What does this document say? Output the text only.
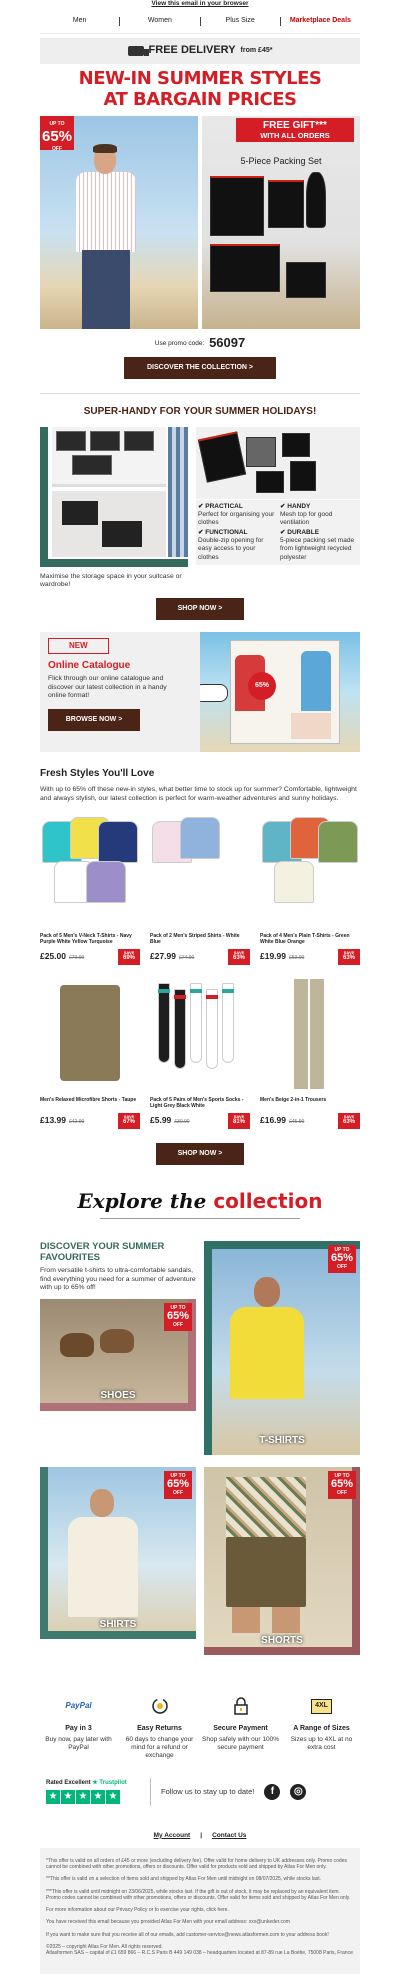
View this email in your browser
Men	Women	Plus Size	Marketplace Deals
FREE DELIVERY from £45*
NEW-IN SUMMER STYLES
AT BARGAIN PRICES
UP TO
65%
OFF
FREE GIFT***
WITH ALL ORDERS
5-Piece Packing Set
Use promo code: 56097
DISCOVER THE COLLECTION >
SUPER-HANDY FOR YOUR SUMMER HOLIDAYS!

Maximise the storage space in your suitcase or wardrobe!

✔ PRACTICAL
Perfect for organising your clothes
✔ HANDY
Mesh top for good ventilation
✔ FUNCTIONAL
Double-zip opening for easy access to your clothes
✔ DURABLE
5-piece packing set made from lightweight recycled polyester
SHOP NOW >
NEW
Online Catalogue

Flick through our online catalogue and discover our latest collection in a handy online format!

BROWSE NOW >
65%
Fresh Styles You'll Love

With up to 65% off these new-in styles, what better time to stock up for summer? Comfortable, lightweight and always stylish, our latest collection is perfect for warm-weather adventures and sunny holidays.

Pack of 5 Men's V-Neck T-Shirts - Navy Purple White Yellow Turquoise
£25.00 £79.90
SAVE
69%
Pack of 2 Men's Striped Shirts - White Blue
£27.99 £74.90
SAVE
63%
Pack of 4 Men's Plain T-Shirts - Green White Blue Orange
£19.99 £53.90
SAVE
63%
Men's Relaxed Microfibre Shorts - Taupe
£13.99 £42.90
SAVE
67%
Pack of 5 Pairs of Men's Sports Socks - Light Grey Black White
£5.99 £30.90
SAVE
81%
Men's Beige 2-in-1 Trousers
£16.99 £45.90
SAVE
63%
SHOP NOW >
Explore the collection
DISCOVER YOUR SUMMER FAVOURITES

From versatile t-shirts to ultra-comfortable sandals, find everything you need for a summer of adventure with up to 65% off!

UP TO
65%
OFF
SHOES
UP TO
65%
OFF
T-SHIRTS
UP TO
65%
OFF
SHIRTS
UP TO
65%
OFF
SHORTS
PayPal
Pay in 3
Buy now, pay later with PayPal
Easy Returns
60 days to change your mind for a refund or exchange
Secure Payment
Shop safely with our 100% secure payment
4XL
A Range of Sizes
Sizes up to 4XL at no extra cost
Rated Excellent ★ Trustpilot
★ ★ ★ ★ ★	Follow us to stay up to date!	f	◎
My Account | Contact Us

*This offer is valid on all orders of £45 or more (excluding delivery fee). Offer valid for home delivery to UK addresses only. Promo codes cannot be combined with other promotions, offers or discounts. Offer valid for products sold and shipped by Atlas For Men only.

**This offer is valid on a selection of items sold and shipped by Atlas For Men until midnight on 08/07/2025, while stocks last.

***This offer is valid until midnight on 23/06/2025, while stocks last. If the gift is out of stock, it may be replaced by an equivalent item. Promo codes cannot be combined with other promotions, offers or discounts. Offer valid for items sold and shipped by Atlas For Men only.

For more information about our Privacy Policy or to exercise your rights, click here.

You have received this email because you provided Atlas For Men with your email address: xxx@unkeder.com

If you want to make sure that you receive all of our emails, add customer-service@news.atlasformen.com to your address book!

©2025 – copyright Atlas For Men. All rights reserved.

Atlasformen SAS – capital of £1 659 866 – R.C.S Paris B 449 149 038 – headquarters located at 87-89 rue La Boétie, 75008 Paris, France
